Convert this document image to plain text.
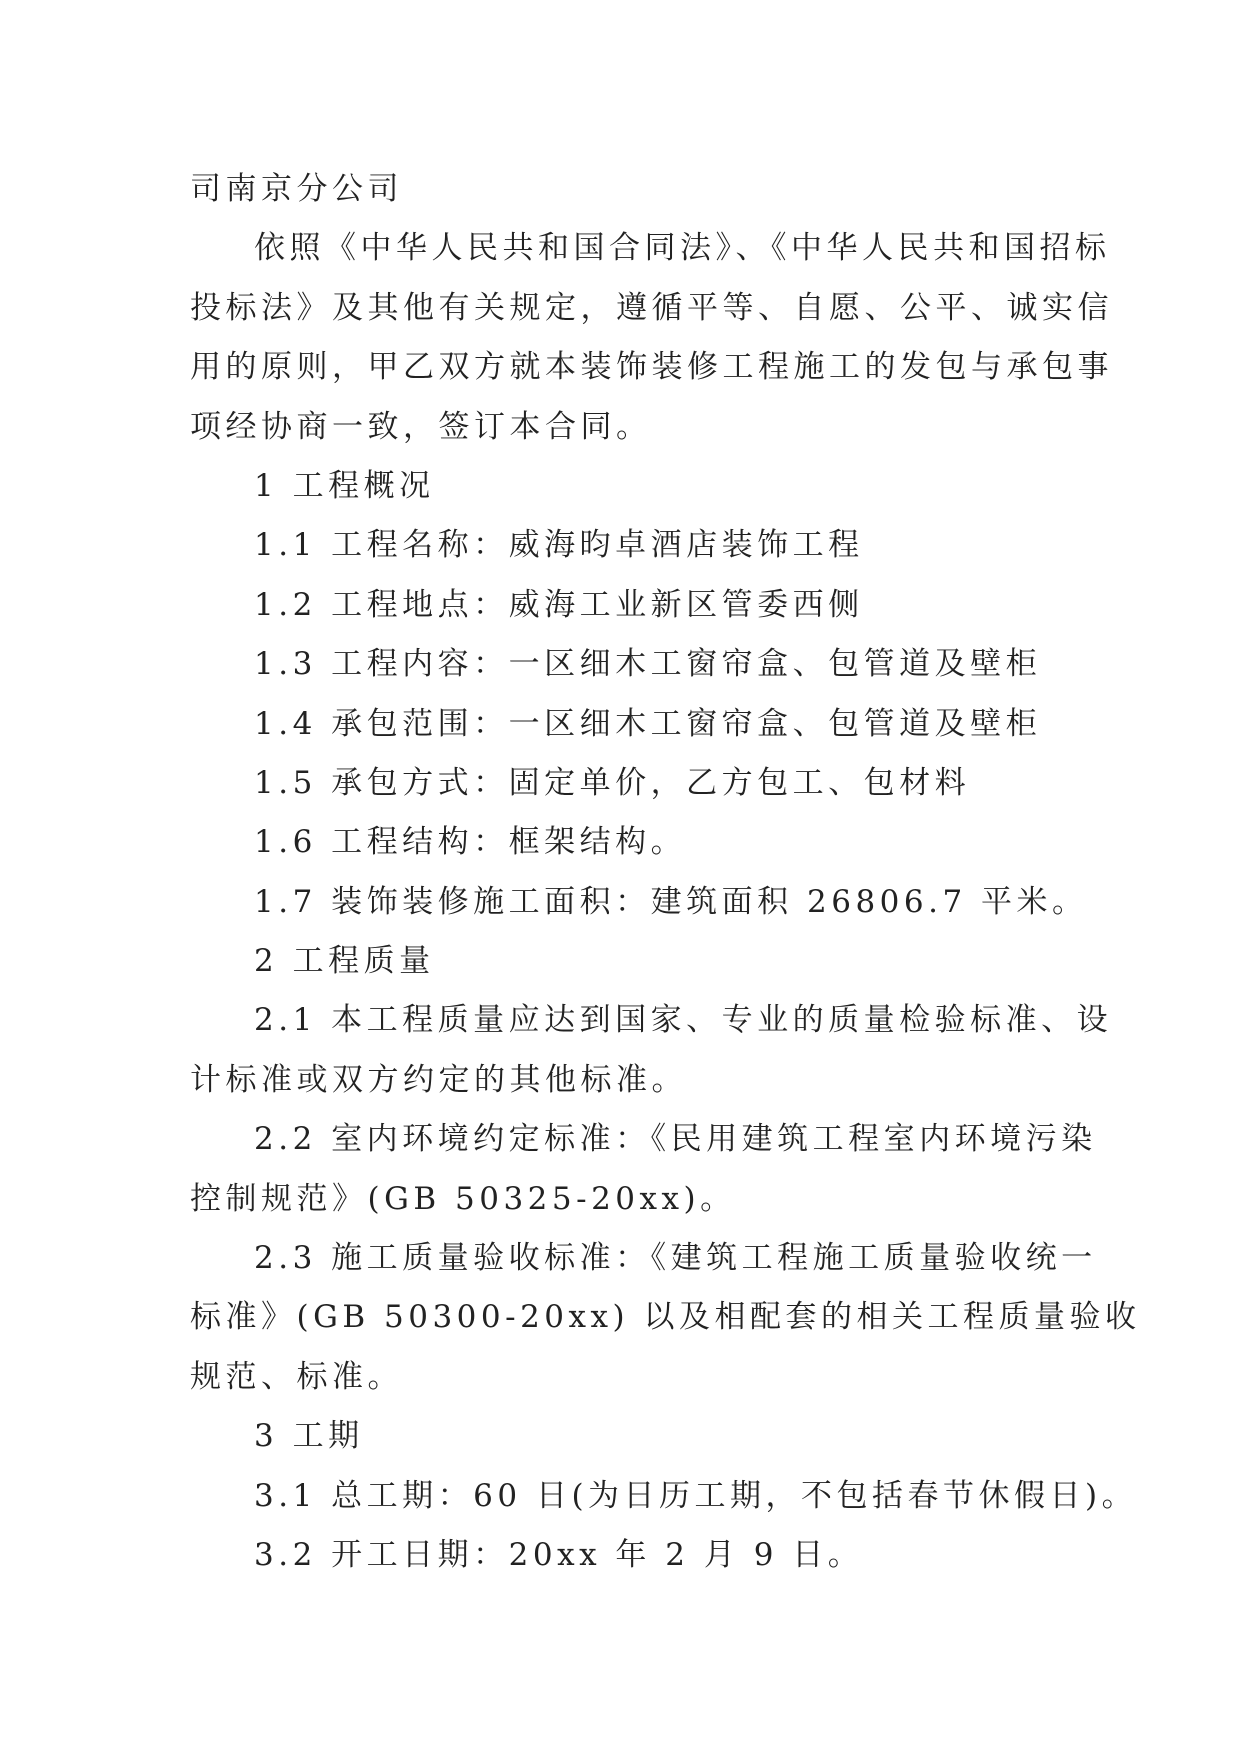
司南京分公司

依照《中华人民共和国合同法》、《中华人民共和国招标

投标法》及其他有关规定，遵循平等、自愿、公平、诚实信

用的原则，甲乙双方就本装饰装修工程施工的发包与承包事

项经协商一致，签订本合同。

1 工程概况

1.1 工程名称：威海昀卓酒店装饰工程

1.2 工程地点：威海工业新区管委西侧

1.3 工程内容：一区细木工窗帘盒、包管道及壁柜

1.4 承包范围：一区细木工窗帘盒、包管道及壁柜

1.5 承包方式：固定单价，乙方包工、包材料

1.6 工程结构：框架结构。

1.7 装饰装修施工面积：建筑面积 26806.7 平米。

2 工程质量

2.1 本工程质量应达到国家、专业的质量检验标准、设

计标准或双方约定的其他标准。

2.2 室内环境约定标准：《民用建筑工程室内环境污染

控制规范》(GB 50325-20xx)。

2.3 施工质量验收标准：《建筑工程施工质量验收统一

标准》(GB 50300-20xx) 以及相配套的相关工程质量验收

规范、标准。

3 工期

3.1 总工期：60 日(为日历工期，不包括春节休假日)。

3.2 开工日期：20xx 年 2 月 9 日。
